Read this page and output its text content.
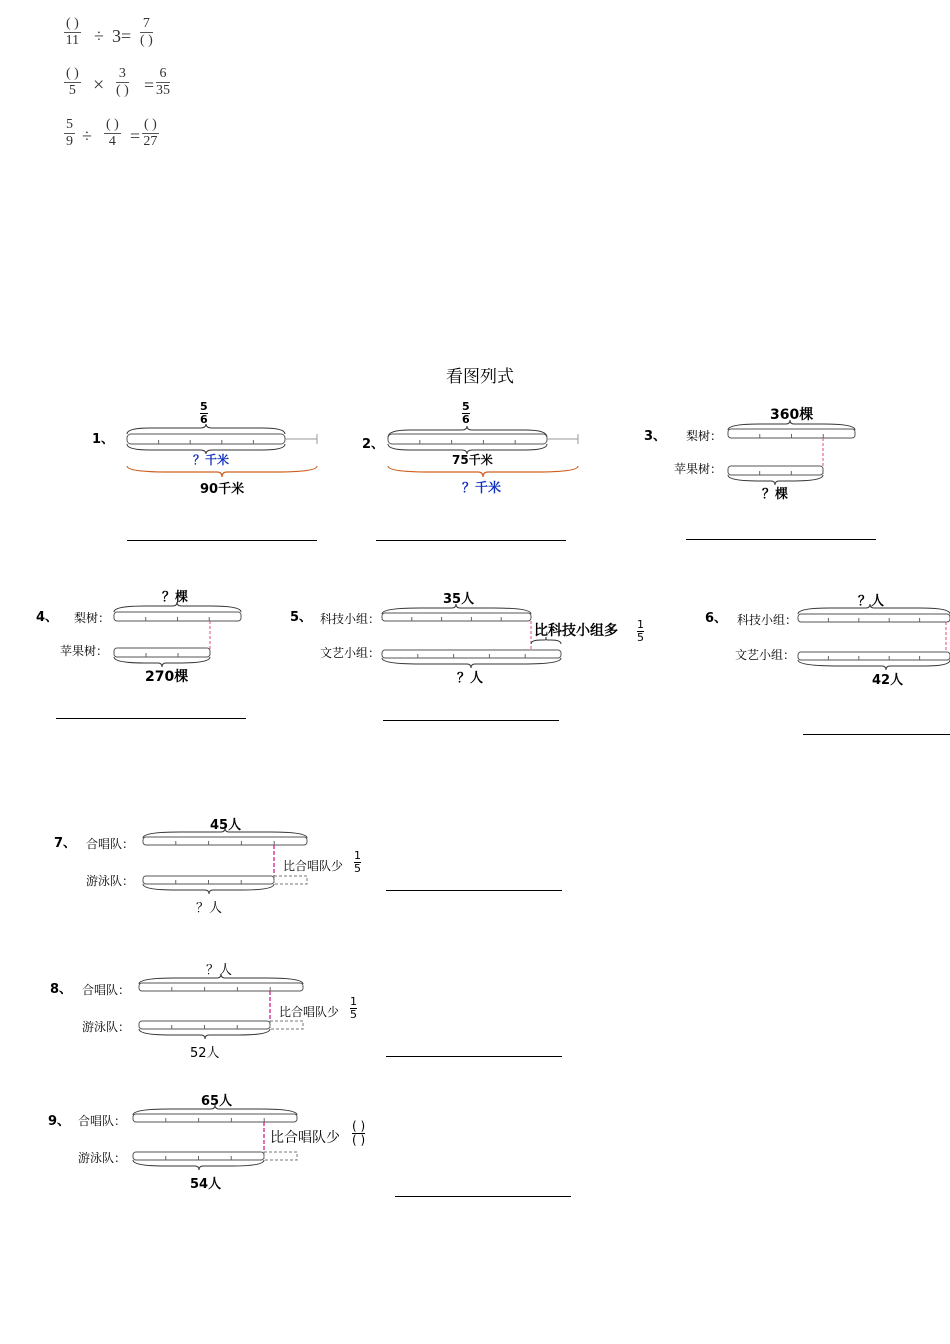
( )
11 ÷ 3=
7
( )
( )
5 ×
3
( ) =
6
35
5
9 ÷
( )
4 =
( )
27
看图列式
1、
5
6
？千米
90千米
2、
5
6
75千米
？千米
3、
360棵
梨树：
苹果树：
？棵
4、
？棵
梨树：
苹果树：
270棵
5、
35人
科技小组：
文艺小组：
比科技小组多 1
5
？人
6、
？人
科技小组：
文艺小组：
42人
7、
45人
合唱队：
游泳队：
比合唱队少
1
5
？人
8、
？人
合唱队：
游泳队：
比合唱队少
1
5
52人
9、
65人
合唱队：
游泳队：
比合唱队少
( )
( )
54人
